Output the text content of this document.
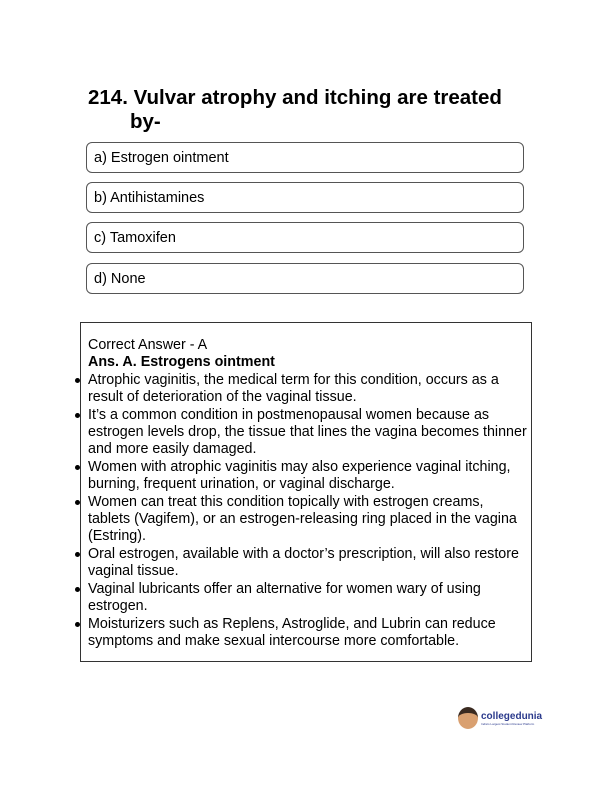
214. Vulvar atrophy and itching are treated
by-
a) Estrogen ointment
b) Antihistamines
c) Tamoxifen
d) None
Correct Answer - A
Ans. A. Estrogens ointment
Atrophic vaginitis, the medical term for this condition, occurs as a result of deterioration of the vaginal tissue.
It’s a common condition in postmenopausal women because as estrogen levels drop, the tissue that lines the vagina becomes thinner and more easily damaged.
Women with atrophic vaginitis may also experience vaginal itching, burning, frequent urination, or vaginal discharge.
Women can treat this condition topically with estrogen creams, tablets (Vagifem), or an estrogen-releasing ring placed in the vagina (Estring).
Oral estrogen, available with a doctor’s prescription, will also restore vaginal tissue.
Vaginal lubricants offer an alternative for women wary of using estrogen.
Moisturizers such as Replens, Astroglide, and Lubrin can reduce symptoms and make sexual intercourse more comfortable.
collegedunia
India's Largest Student Review Platform
